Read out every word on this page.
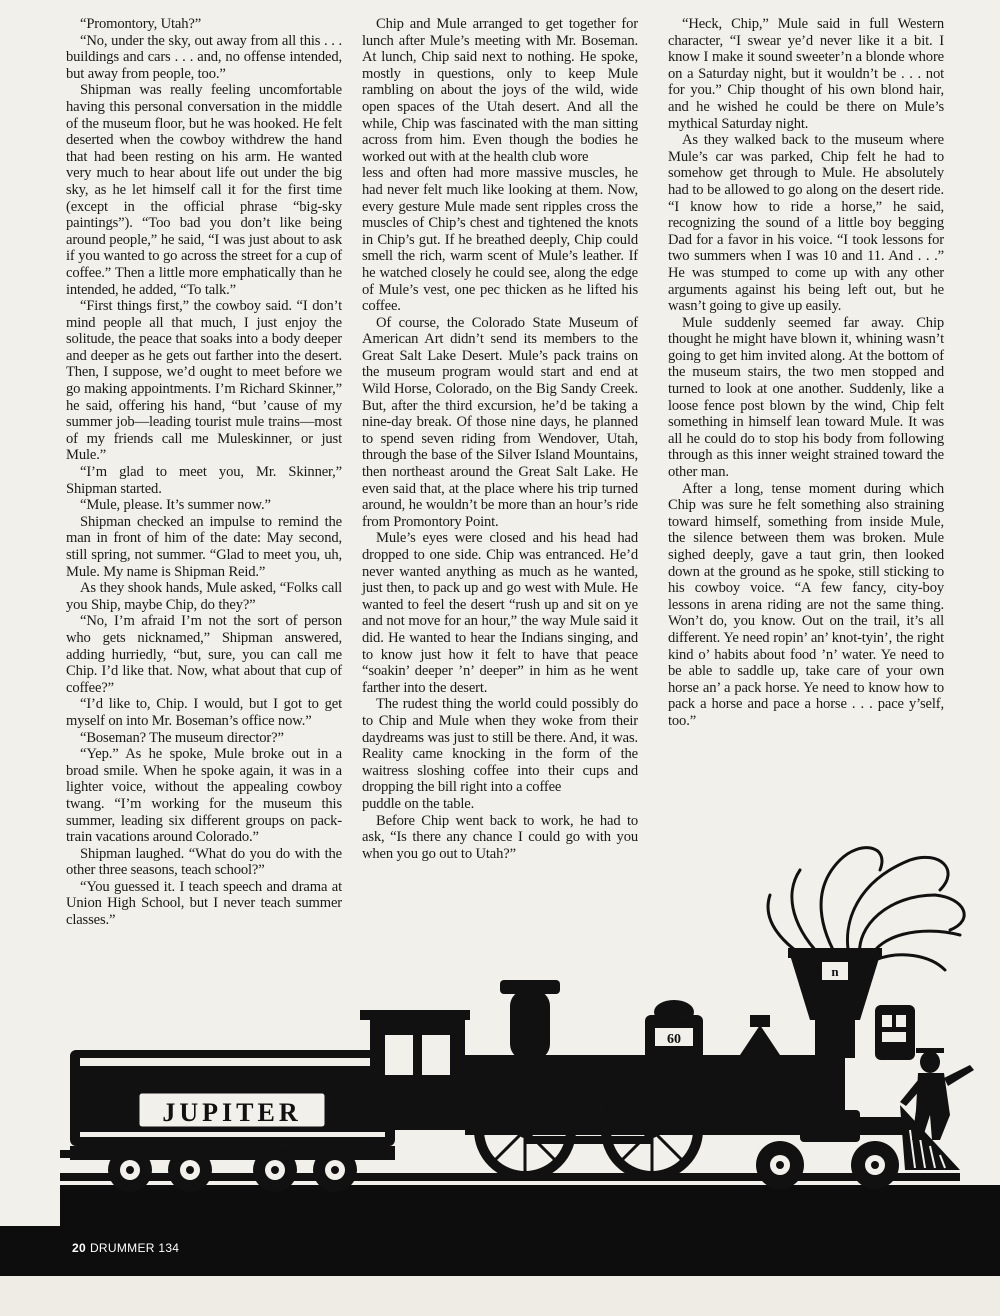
“Promontory, Utah?”

“No, under the sky, out away from all this . . . buildings and cars . . . and, no offense intended, but away from people, too.”

Shipman was really feeling uncomfortable having this personal conversation in the middle of the museum floor, but he was hooked. He felt deserted when the cowboy withdrew the hand that had been resting on his arm. He wanted very much to hear about life out under the big sky, as he let himself call it for the first time (except in the official phrase “big-sky paintings”). “Too bad you don’t like being around people,” he said, “I was just about to ask if you wanted to go across the street for a cup of coffee.” Then a little more emphatically than he intended, he added, “To talk.”

“First things first,” the cowboy said. “I don’t mind people all that much, I just enjoy the solitude, the peace that soaks into a body deeper and deeper as he gets out farther into the desert. Then, I suppose, we’d ought to meet before we go making appointments. I’m Richard Skinner,” he said, offering his hand, “but ’cause of my summer job—leading tourist mule trains—most of my friends call me Muleskinner, or just Mule.”

“I’m glad to meet you, Mr. Skinner,” Shipman started.

“Mule, please. It’s summer now.”

Shipman checked an impulse to remind the man in front of him of the date: May second, still spring, not summer. “Glad to meet you, uh, Mule. My name is Shipman Reid.”

As they shook hands, Mule asked, “Folks call you Ship, maybe Chip, do they?”

“No, I’m afraid I’m not the sort of person who gets nicknamed,” Shipman answered, adding hurriedly, “but, sure, you can call me Chip. I’d like that. Now, what about that cup of coffee?”

“I’d like to, Chip. I would, but I got to get myself on into Mr. Boseman’s office now.”

“Boseman? The museum director?”

“Yep.” As he spoke, Mule broke out in a broad smile. When he spoke again, it was in a lighter voice, without the appealing cowboy twang. “I’m working for the museum this summer, leading six different groups on pack-train vacations around Colorado.”

Shipman laughed. “What do you do with the other three seasons, teach school?”

“You guessed it. I teach speech and drama at Union High School, but I never teach summer classes.”

Chip and Mule arranged to get together for lunch after Mule’s meeting with Mr. Boseman. At lunch, Chip said next to nothing. He spoke, mostly in questions, only to keep Mule rambling on about the joys of the wild, wide open spaces of the Utah desert. And all the while, Chip was fascinated with the man sitting across from him. Even though the bodies he worked out with at the health club wore

less and often had more massive muscles, he had never felt much like looking at them. Now, every gesture Mule made sent ripples cross the muscles of Chip’s chest and tightened the knots in Chip’s gut. If he breathed deeply, Chip could smell the rich, warm scent of Mule’s leather. If he watched closely he could see, along the edge of Mule’s vest, one pec thicken as he lifted his coffee.

Of course, the Colorado State Museum of American Art didn’t send its members to the Great Salt Lake Desert. Mule’s pack trains on the museum program would start and end at Wild Horse, Colorado, on the Big Sandy Creek. But, after the third excursion, he’d be taking a nine-day break. Of those nine days, he planned to spend seven riding from Wendover, Utah, through the base of the Silver Island Mountains, then northeast around the Great Salt Lake. He even said that, at the place where his trip turned around, he wouldn’t be more than an hour’s ride from Promontory Point.

Mule’s eyes were closed and his head had dropped to one side. Chip was entranced. He’d never wanted anything as much as he wanted, just then, to pack up and go west with Mule. He wanted to feel the desert “rush up and sit on ye and not move for an hour,” the way Mule said it did. He wanted to hear the Indians singing, and to know just how it felt to have that peace “soakin’ deeper ’n’ deeper” in him as he went farther into the desert.

The rudest thing the world could possibly do to Chip and Mule when they woke from their daydreams was just to still be there. And, it was. Reality came knocking in the form of the waitress sloshing coffee into their cups and dropping the bill right into a coffee

puddle on the table.

Before Chip went back to work, he had to ask, “Is there any chance I could go with you when you go out to Utah?”

“Heck, Chip,” Mule said in full Western character, “I swear ye’d never like it a bit. I know I make it sound sweeter’n a blonde whore on a Saturday night, but it wouldn’t be . . . not for you.” Chip thought of his own blond hair, and he wished he could be there on Mule’s mythical Saturday night.

As they walked back to the museum where Mule’s car was parked, Chip felt he had to somehow get through to Mule. He absolutely had to be allowed to go along on the desert ride. “I know how to ride a horse,” he said, recognizing the sound of a little boy begging Dad for a favor in his voice. “I took lessons for two summers when I was 10 and 11. And . . .” He was stumped to come up with any other arguments against his being left out, but he wasn’t going to give up easily.

Mule suddenly seemed far away. Chip thought he might have blown it, whining wasn’t going to get him invited along. At the bottom of the museum stairs, the two men stopped and turned to look at one another. Suddenly, like a loose fence post blown by the wind, Chip felt something in himself lean toward Mule. It was all he could do to stop his body from following through as this inner weight strained toward the other man.

After a long, tense moment during which Chip was sure he felt something also straining toward himself, something from inside Mule, the silence between them was broken. Mule sighed deeply, gave a taut grin, then looked down at the ground as he spoke, still sticking to his cowboy voice. “A few fancy, city-boy lessons in arena riding are not the same thing. Won’t do, you know. Out on the trail, it’s all different. Ye need ropin’ an’ knot-tyin’, the right kind o’ habits about food ’n’ water. Ye need to be able to saddle up, take care of your own horse an’ a pack horse. Ye need to know how to pack a horse and pace a horse . . . pace y’self, too.”

JUPITER
60
n
20 DRUMMER 134
